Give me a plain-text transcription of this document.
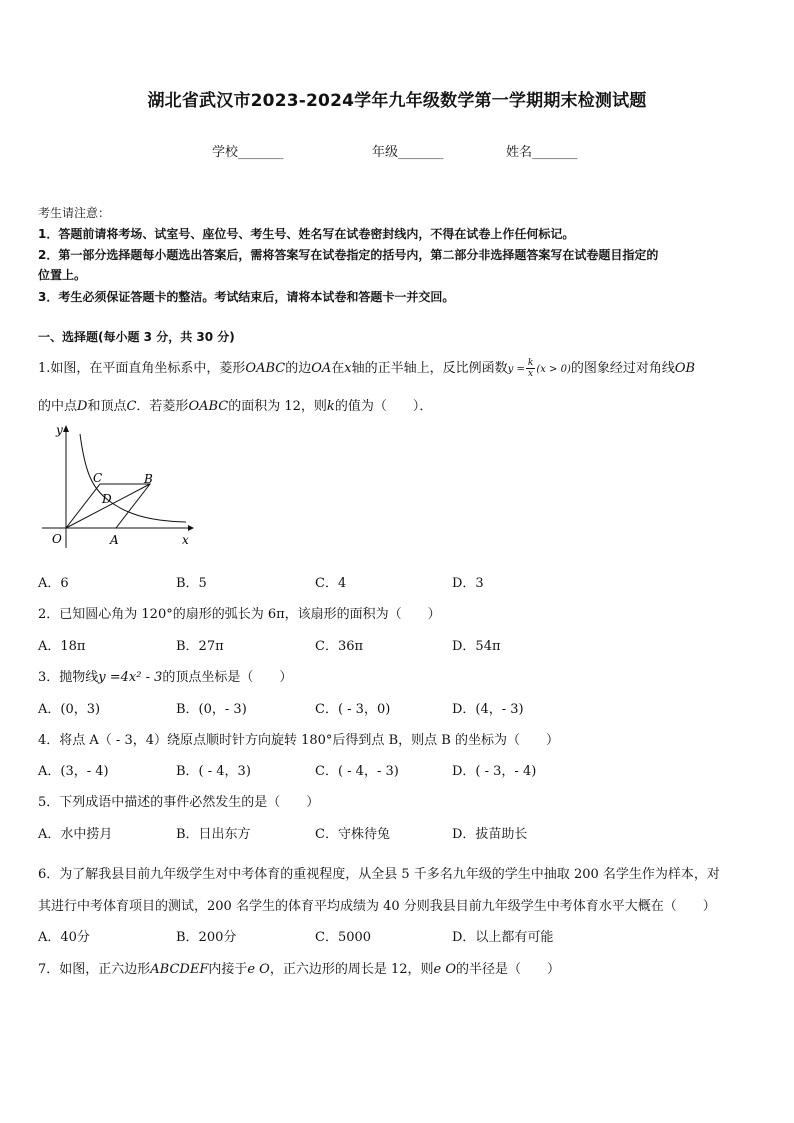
湖北省武汉市2023-2024学年九年级数学第一学期期末检测试题
学校_______	年级_______	姓名_______
考生请注意：
1．答题前请将考场、试室号、座位号、考生号、姓名写在试卷密封线内，不得在试卷上作任何标记。
2．第一部分选择题每小题选出答案后，需将答案写在试卷指定的括号内，第二部分非选择题答案写在试卷题目指定的
位置上。
3．考生必须保证答题卡的整洁。考试结束后，请将本试卷和答题卡一并交回。
一、选择题(每小题 3 分，共 30 分)
1.如图，在平面直角坐标系中，菱形OABC的边OA在x轴的正半轴上，反比例函数$y = \frac{k}{x} (x > 0)$的图象经过对角线OB
的中点D和顶点C．若菱形OABC的面积为 12，则k的值为（　　）．
y
x
O	A
B
C
D
A．6	B．5	C．4	D．3
2．已知圆心角为 120°的扇形的弧长为 6π，该扇形的面积为（　　）
A．18π	B．27π	C．36π	D．54π
3．抛物线y =4x² - 3的顶点坐标是（　　）
A．(0，3)	B．(0，- 3)	C．( - 3，0)	D．(4，- 3)
4．将点 A（ - 3，4）绕原点顺时针方向旋转 180°后得到点 B，则点 B 的坐标为（　　）
A．(3，- 4)	B．( - 4，3)	C．( - 4，- 3)	D．( - 3，- 4)
5．下列成语中描述的事件必然发生的是（　　）
A．水中捞月	B．日出东方	C．守株待兔	D．拔苗助长
6．为了解我县目前九年级学生对中考体育的重视程度，从全县 5 千多名九年级的学生中抽取 200 名学生作为样本，对
其进行中考体育项目的测试，200 名学生的体育平均成绩为 40 分则我县目前九年级学生中考体育水平大概在（　　）
A．40分	B．200分	C．5000	D．以上都有可能
7．如图，正六边形ABCDEF内接于e O，正六边形的周长是 12，则e O的半径是（　　）
